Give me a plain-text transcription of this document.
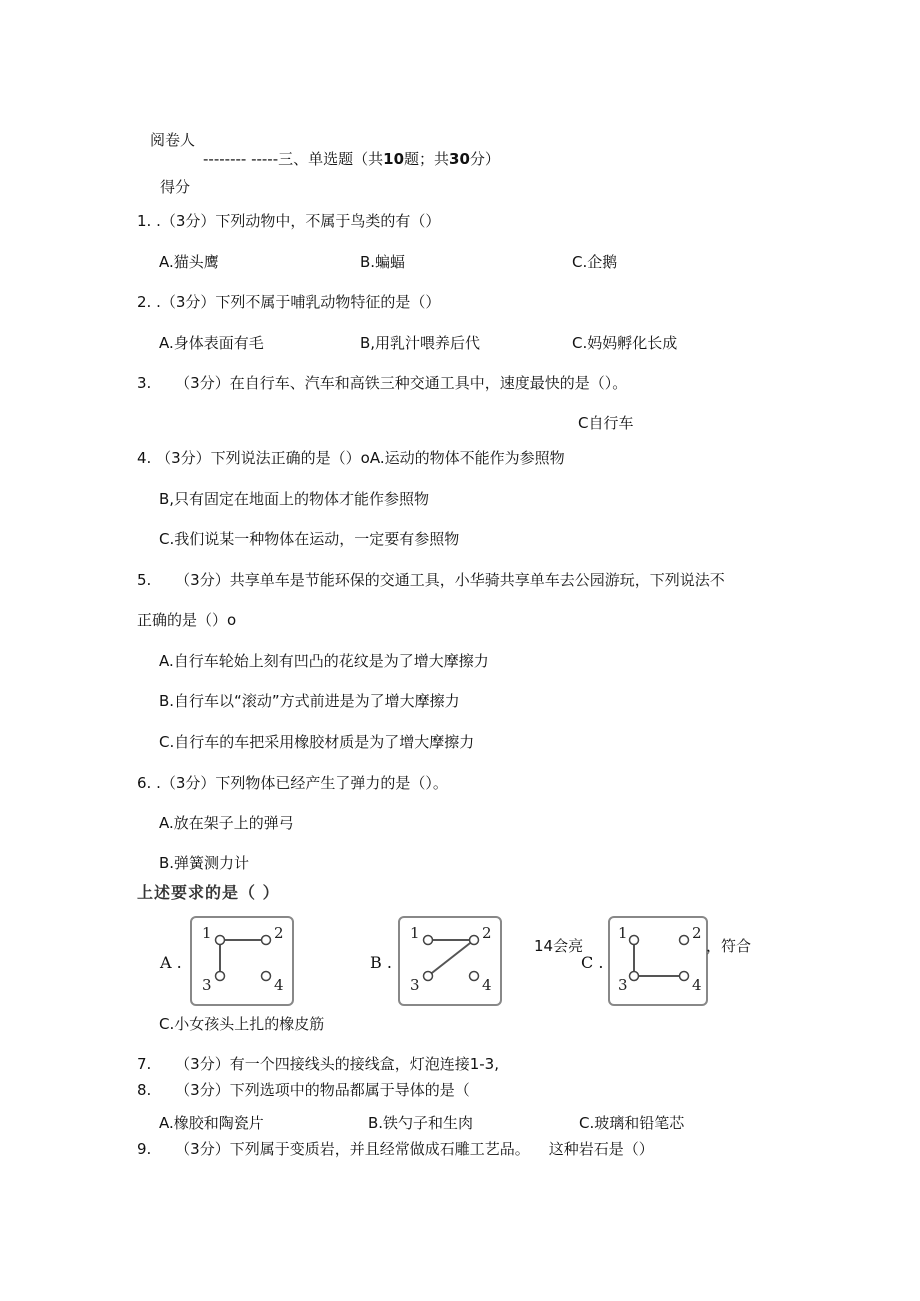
阅卷人
-------- -----三、单选题（共10题；共30分）
得分
1. .（3分）下列动物中，不属于鸟类的有（）
A.猫头鹰	B.蝙蝠	C.企鹅
2. .（3分）下列不属于哺乳动物特征的是（）
A.身体表面有毛	B,用乳汁喂养后代	C.妈妈孵化长成
3. （3分）在自行车、汽车和高铁三种交通工具中，速度最快的是（）。
C自行车
4. （3分）下列说法正确的是（）oA.运动的物体不能作为参照物
B,只有固定在地面上的物体才能作参照物
C.我们说某一种物体在运动，一定要有参照物
5. （3分）共享单车是节能环保的交通工具，小华骑共享单车去公园游玩，下列说法不
正确的是（）o
A.自行车轮始上刻有凹凸的花纹是为了增大摩擦力
B.自行车以“滚动”方式前进是为了增大摩擦力
C.自行车的车把采用橡胶材质是为了增大摩擦力
6. .（3分）下列物体已经产生了弹力的是（）。
A.放在架子上的弹弓
B.弹簧测力计
上述要求的是（ ）
A .
1	2
3	4
B .
1	2
3	4
14会亮
C .
1	2
3	4
，符合
C.小女孩头上扎的橡皮筋
7. （3分）有一个四接线头的接线盒，灯泡连接1-3,
8. （3分）下列选项中的物品都属于导体的是（
A.橡胶和陶瓷片	B.铁勺子和生肉	C.玻璃和铅笔芯
9. （3分）下列属于变质岩，并且经常做成石雕工艺品。 这种岩石是（）
